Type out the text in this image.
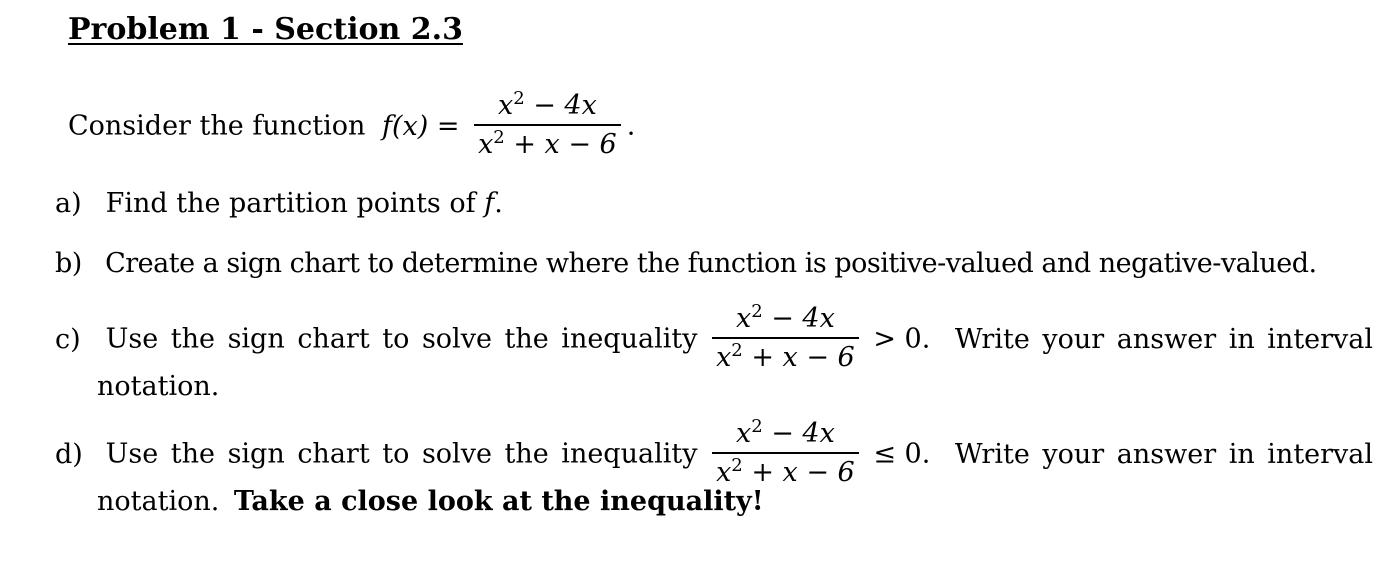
Problem 1 - Section 2.3
Consider the function $f(x) = \frac{x^2 - 4x}{x^2 + x - 6}$ .
a) Find the partition points of f.
b) Create a sign chart to determine where the function is positive-valued and negative-valued.
c) Use the sign chart to solve the inequality $\frac{x^2 - 4x}{x^2 + x - 6} > 0$. Write your answer in interval
notation.
d) Use the sign chart to solve the inequality $\frac{x^2 - 4x}{x^2 + x - 6} \le 0$. Write your answer in interval
notation. Take a close look at the inequality!
